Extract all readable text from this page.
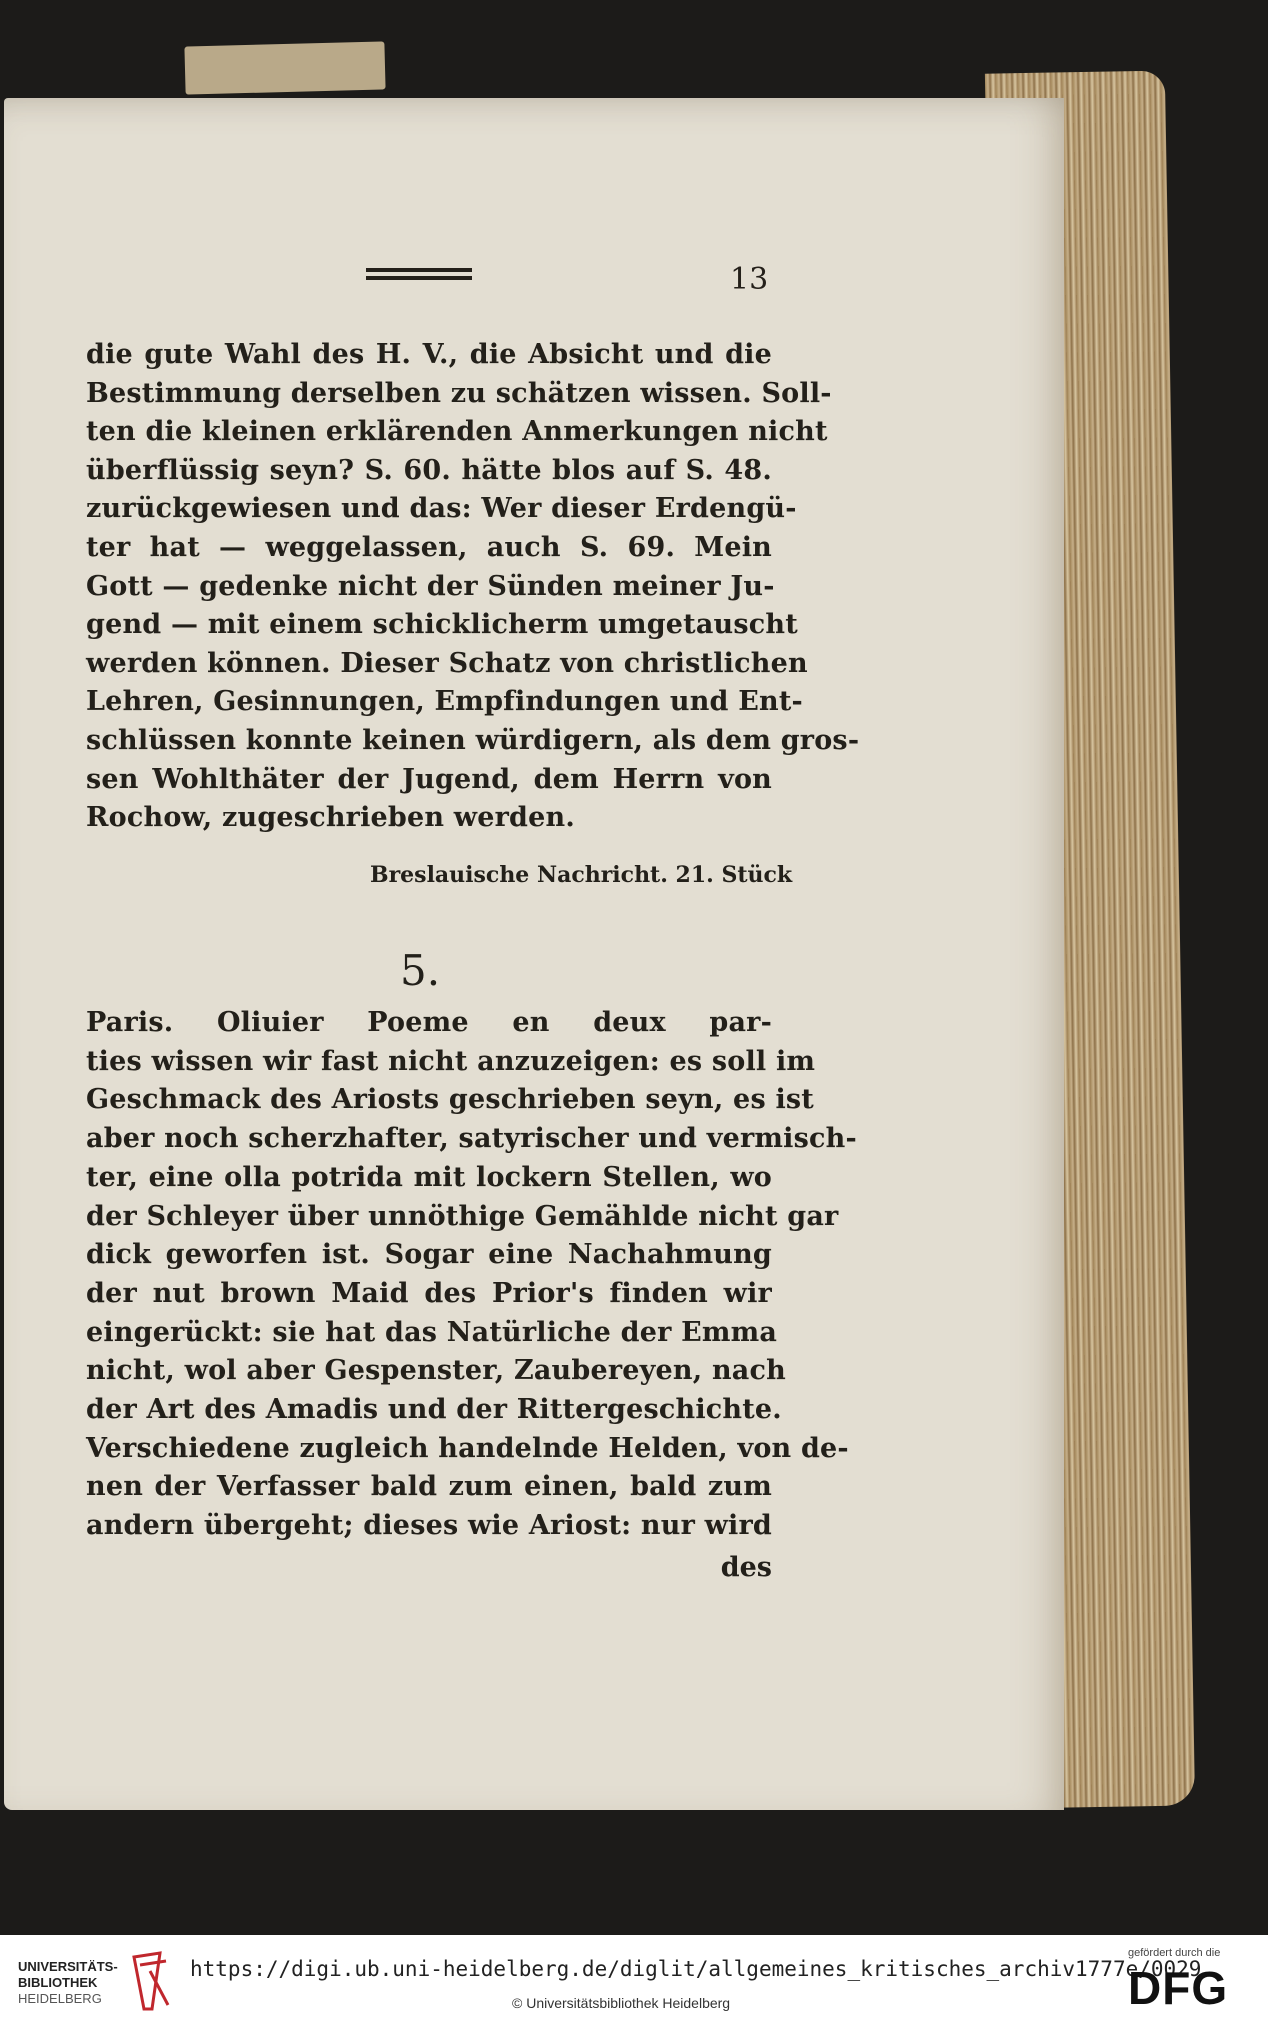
13
die gute Wahl des H. V., die Absicht und die
Bestimmung derselben zu schätzen wissen. Soll-
ten die kleinen erklärenden Anmerkungen nicht
überflüssig seyn? S. 60. hätte blos auf S. 48.
zurückgewiesen und das: Wer dieser Erdengü-
ter hat — weggelassen, auch S. 69. Mein
Gott — gedenke nicht der Sünden meiner Ju-
gend — mit einem schicklicherm umgetauscht
werden können. Dieser Schatz von christlichen
Lehren, Gesinnungen, Empfindungen und Ent-
schlüssen konnte keinen würdigern, als dem gros-
sen Wohlthäter der Jugend, dem Herrn von
Rochow, zugeschrieben werden.
Breslauische Nachricht. 21. Stück
5.
Paris. Oliuier Poeme en deux par-
ties wissen wir fast nicht anzuzeigen: es soll im
Geschmack des Ariosts geschrieben seyn, es ist
aber noch scherzhafter, satyrischer und vermisch-
ter, eine olla potrida mit lockern Stellen, wo
der Schleyer über unnöthige Gemählde nicht gar
dick geworfen ist. Sogar eine Nachahmung
der nut brown Maid des Prior's finden wir
eingerückt: sie hat das Natürliche der Emma
nicht, wol aber Gespenster, Zaubereyen, nach
der Art des Amadis und der Rittergeschichte.
Verschiedene zugleich handelnde Helden, von de-
nen der Verfasser bald zum einen, bald zum
andern übergeht; dieses wie Ariost: nur wird
des
UNIVERSITÄTS-
BIBLIOTHEK
HEIDELBERG
https://digi.ub.uni-heidelberg.de/diglit/allgemeines_kritisches_archiv1777e/0029
© Universitätsbibliothek Heidelberg
gefördert durch die
DFG
